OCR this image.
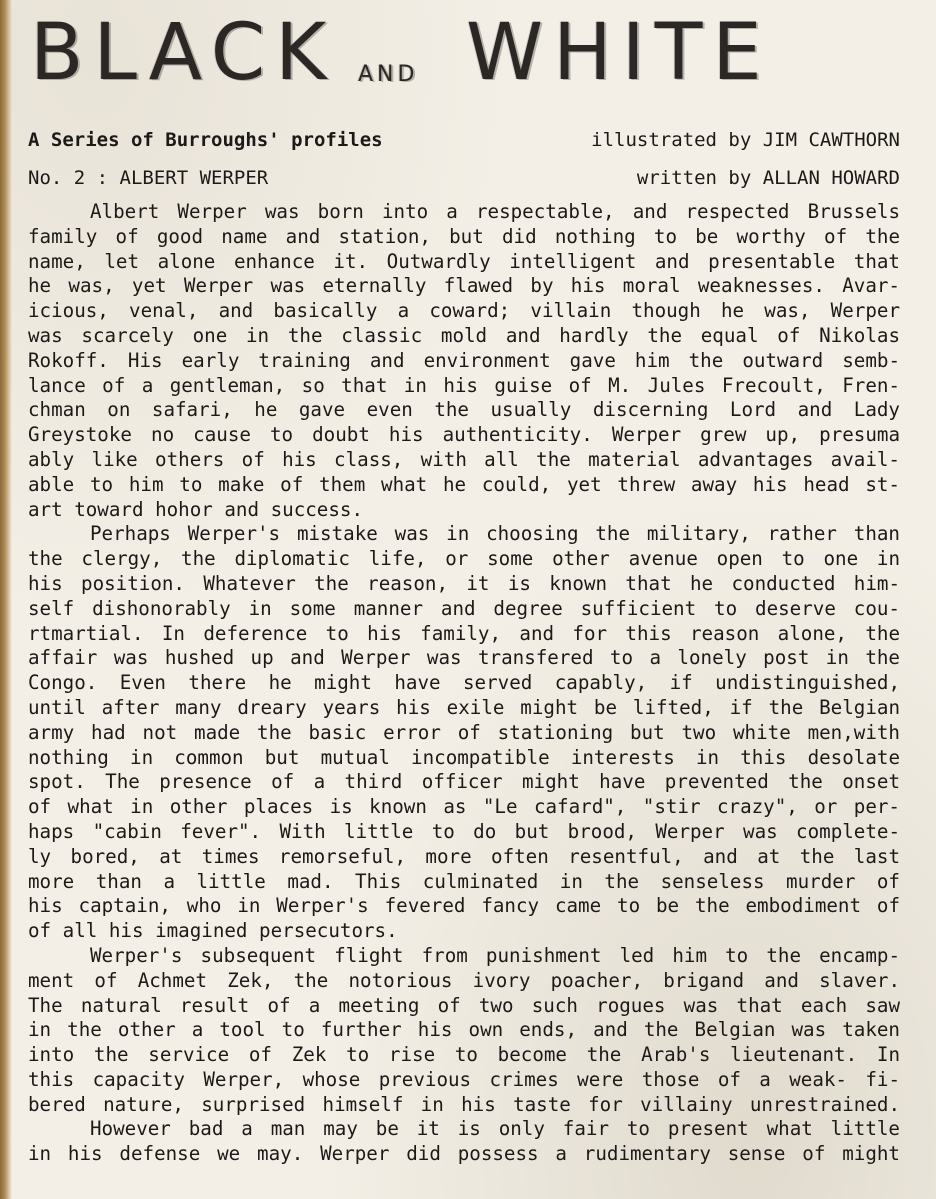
BLACK AND WHITE
A Series of Burroughs' profiles	illustrated by JIM CAWTHORN
No. 2 : ALBERT WERPER	written by ALLAN HOWARD
Albert Werper was born into a respectable, and respected Brussels
family of good name and station, but did nothing to be worthy of the
name, let alone enhance it. Outwardly intelligent and presentable that
he was, yet Werper was eternally flawed by his moral weaknesses. Avar-
icious, venal, and basically a coward; villain though he was, Werper
was scarcely one in the classic mold and hardly the equal of Nikolas
Rokoff. His early training and environment gave him the outward semb-
lance of a gentleman, so that in his guise of M. Jules Frecoult, Fren-
chman on safari, he gave even the usually discerning Lord and Lady
Greystoke no cause to doubt his authenticity. Werper grew up, presuma
ably like others of his class, with all the material advantages avail-
able to him to make of them what he could, yet threw away his head st-
art toward hohor and success.
Perhaps Werper's mistake was in choosing the military, rather than
the clergy, the diplomatic life, or some other avenue open to one in
his position. Whatever the reason, it is known that he conducted him-
self dishonorably in some manner and degree sufficient to deserve cou-
rtmartial. In deference to his family, and for this reason alone, the
affair was hushed up and Werper was transfered to a lonely post in the
Congo. Even there he might have served capably, if undistinguished,
until after many dreary years his exile might be lifted, if the Belgian
army had not made the basic error of stationing but two white men,with
nothing in common but mutual incompatible interests in this desolate
spot. The presence of a third officer might have prevented the onset
of what in other places is known as "Le cafard", "stir crazy", or per-
haps "cabin fever". With little to do but brood, Werper was complete-
ly bored, at times remorseful, more often resentful, and at the last
more than a little mad. This culminated in the senseless murder of
his captain, who in Werper's fevered fancy came to be the embodiment of
of all his imagined persecutors.
Werper's subsequent flight from punishment led him to the encamp-
ment of Achmet Zek, the notorious ivory poacher, brigand and slaver.
The natural result of a meeting of two such rogues was that each saw
in the other a tool to further his own ends, and the Belgian was taken
into the service of Zek to rise to become the Arab's lieutenant. In
this capacity Werper, whose previous crimes were those of a weak- fi-
bered nature, surprised himself in his taste for villainy unrestrained.
However bad a man may be it is only fair to present what little
in his defense we may. Werper did possess a rudimentary sense of might
